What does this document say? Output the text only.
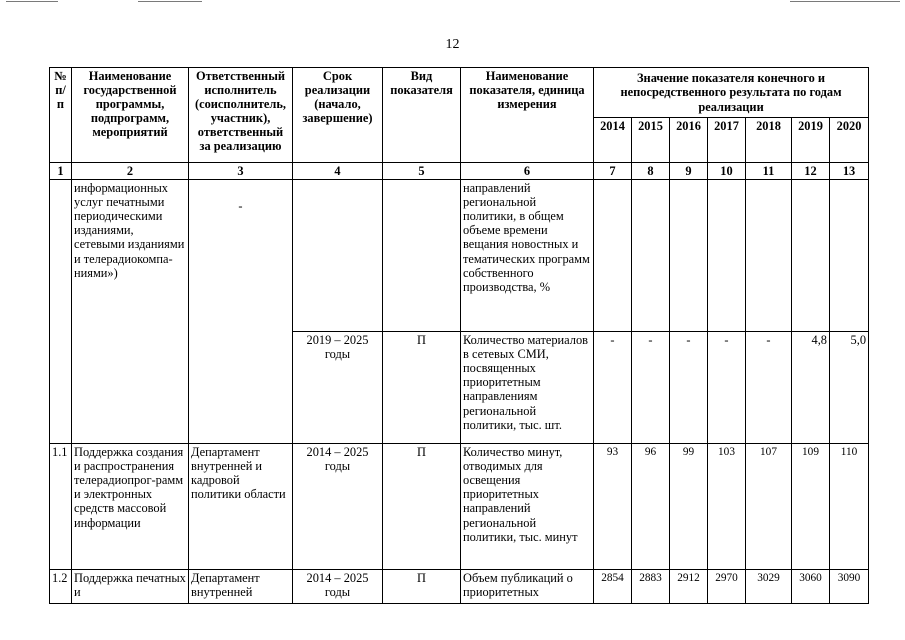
12
№ п/п	Наименование государственной программы, подпрограмм, мероприятий	Ответственный исполнитель (соисполнитель, участник), ответственный за реализацию	Срок реализации (начало, завершение)	Вид показателя	Наименование показателя, единица измерения	Значение показателя конечного и непосредственного результата по годам реализации						
						2014	2015	2016	2017	2018	2019	2020
1	2	3	4	5	6	7	8	9	10	11	12	13
	информационных услуг печатными периодическими изданиями, сетевыми изданиями и телерадиокомпа-ниями»)	-			направлений региональной политики, в общем объеме времени вещания новостных и тематических программ собственного производства, %							
			2019 – 2025 годы	П	Количество материалов в сетевых СМИ, посвященных приоритетным направлениям региональной политики, тыс. шт.	-	-	-	-	-	4,8	5,0
1.1	Поддержка создания и распространения телерадиопрог-рамм и электронных средств массовой информации	Департамент внутренней и кадровой политики области	2014 – 2025 годы	П	Количество минут, отводимых для освещения приоритетных направлений региональной политики, тыс. минут	93	96	99	103	107	109	110
1.2	Поддержка печатных и	Департамент внутренней	2014 – 2025 годы	П	Объем публикаций о приоритетных	2854	2883	2912	2970	3029	3060	3090
